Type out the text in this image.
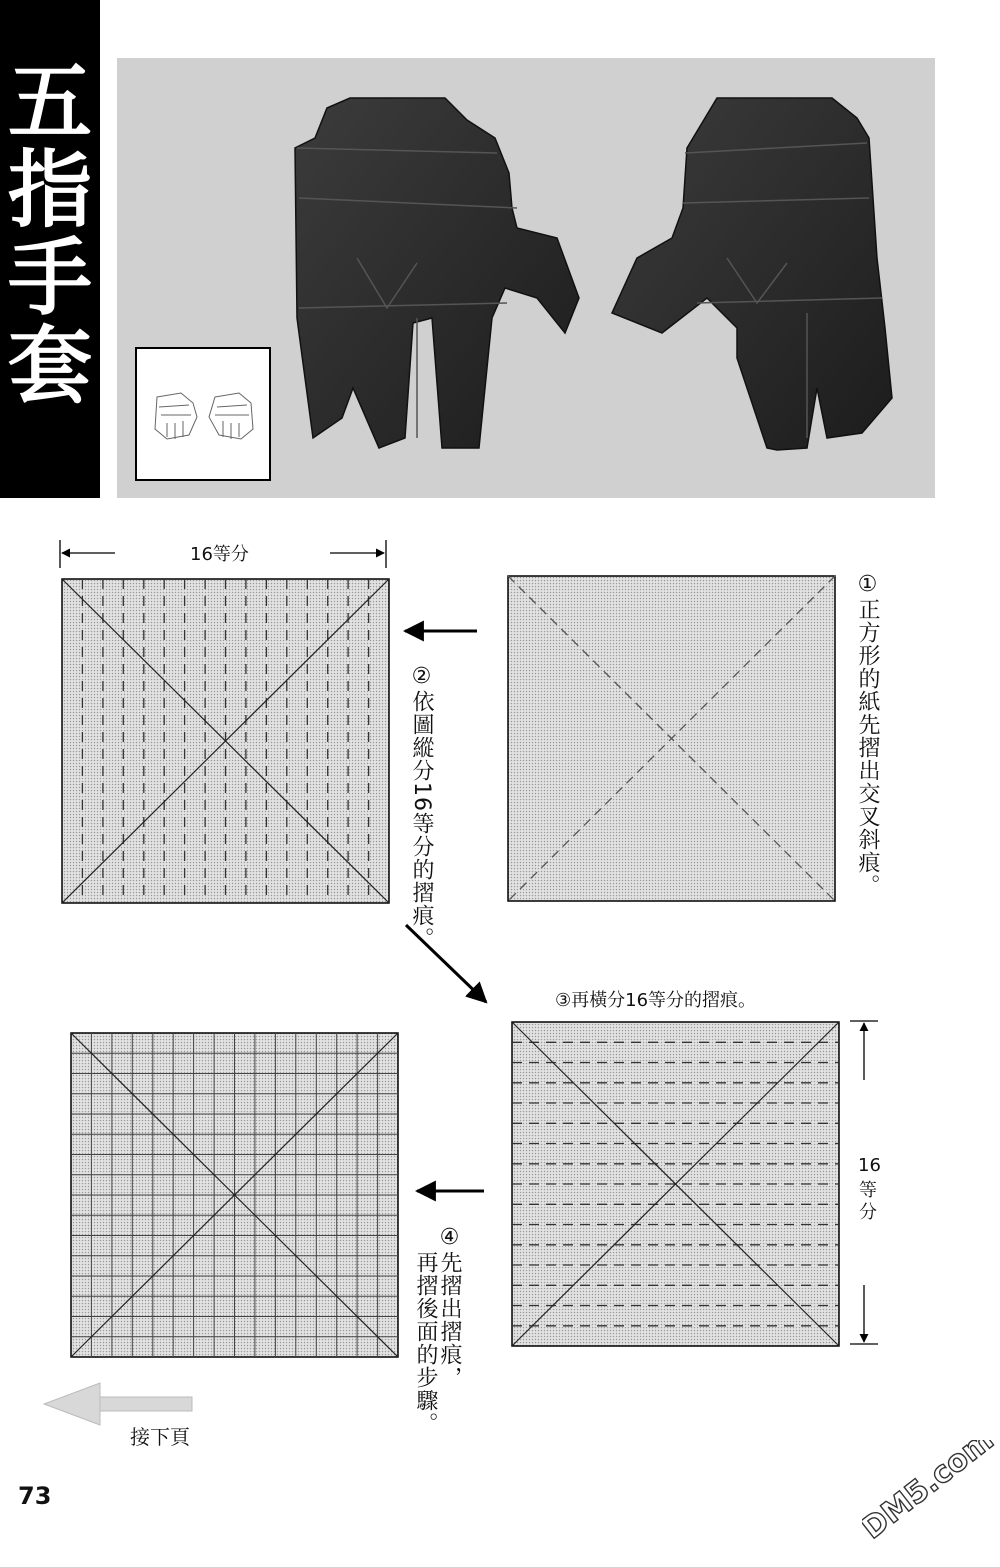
五
指
手
套
16等分
①正方形的紙先摺出交叉斜痕。
②依圖縱分16等分的摺痕。
③再橫分16等分的摺痕。
④先摺出摺痕，
再摺後面的步驟。
16
等
分
接下頁
73	DM5.com
